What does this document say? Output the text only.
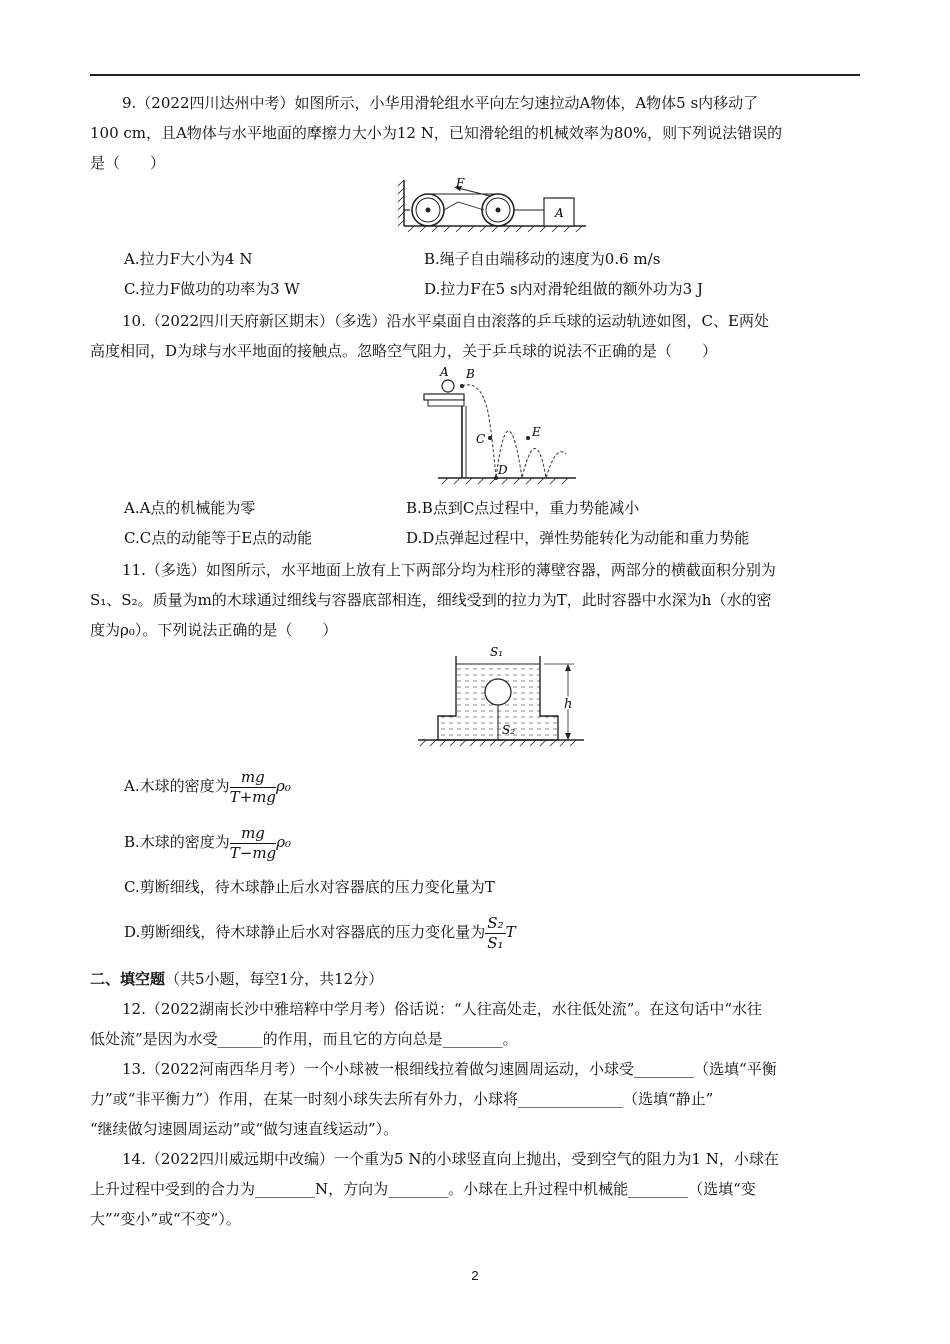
9.（2022四川达州中考）如图所示，小华用滑轮组水平向左匀速拉动A物体，A物体5 s内移动了
100 cm，且A物体与水平地面的摩擦力大小为12 N，已知滑轮组的机械效率为80%，则下列说法错误的
是（　　）
F
A
A.拉力F大小为4 N	B.绳子自由端移动的速度为0.6 m/s
C.拉力F做功的功率为3 W	D.拉力F在5 s内对滑轮组做的额外功为3 J
10.（2022四川天府新区期末）（多选）沿水平桌面自由滚落的乒乓球的运动轨迹如图，C、E两处
高度相同，D为球与水平地面的接触点。忽略空气阻力，关于乒乓球的说法不正确的是（　　）
A B
C
D
E
A.A点的机械能为零	B.B点到C点过程中，重力势能减小
C.C点的动能等于E点的动能	D.D点弹起过程中，弹性势能转化为动能和重力势能
11.（多选）如图所示，水平地面上放有上下两部分均为柱形的薄壁容器，两部分的横截面积分别为
S₁、S₂。质量为m的木球通过细线与容器底部相连，细线受到的拉力为T，此时容器中水深为h（水的密
度为ρ₀）。下列说法正确的是（　　）
S₁
S₂
h
A.木球的密度为 $\frac{mg}{T+mg} \rho_0$
B.木球的密度为 $\frac{mg}{T-mg} \rho_0$
C.剪断细线，待木球静止后水对容器底的压力变化量为T
D.剪断细线，待木球静止后水对容器底的压力变化量为 $\frac{\text{S₂}}{\text{S₁}}$ T
二、填空题（共5小题，每空1分，共12分）
12.（2022湖南长沙中雅培粹中学月考）俗话说：“人往高处走，水往低处流”。在这句话中“水往
低处流”是因为水受______的作用，而且它的方向总是________。
13.（2022河南西华月考）一个小球被一根细线拉着做匀速圆周运动，小球受________（选填“平衡
力”或“非平衡力”）作用，在某一时刻小球失去所有外力，小球将______________（选填“静止”
“继续做匀速圆周运动”或“做匀速直线运动”）。
14.（2022四川威远期中改编）一个重为5 N的小球竖直向上抛出，受到空气的阻力为1 N，小球在
上升过程中受到的合力为________N，方向为________。小球在上升过程中机械能________（选填“变
大”“变小”或“不变”）。
2
